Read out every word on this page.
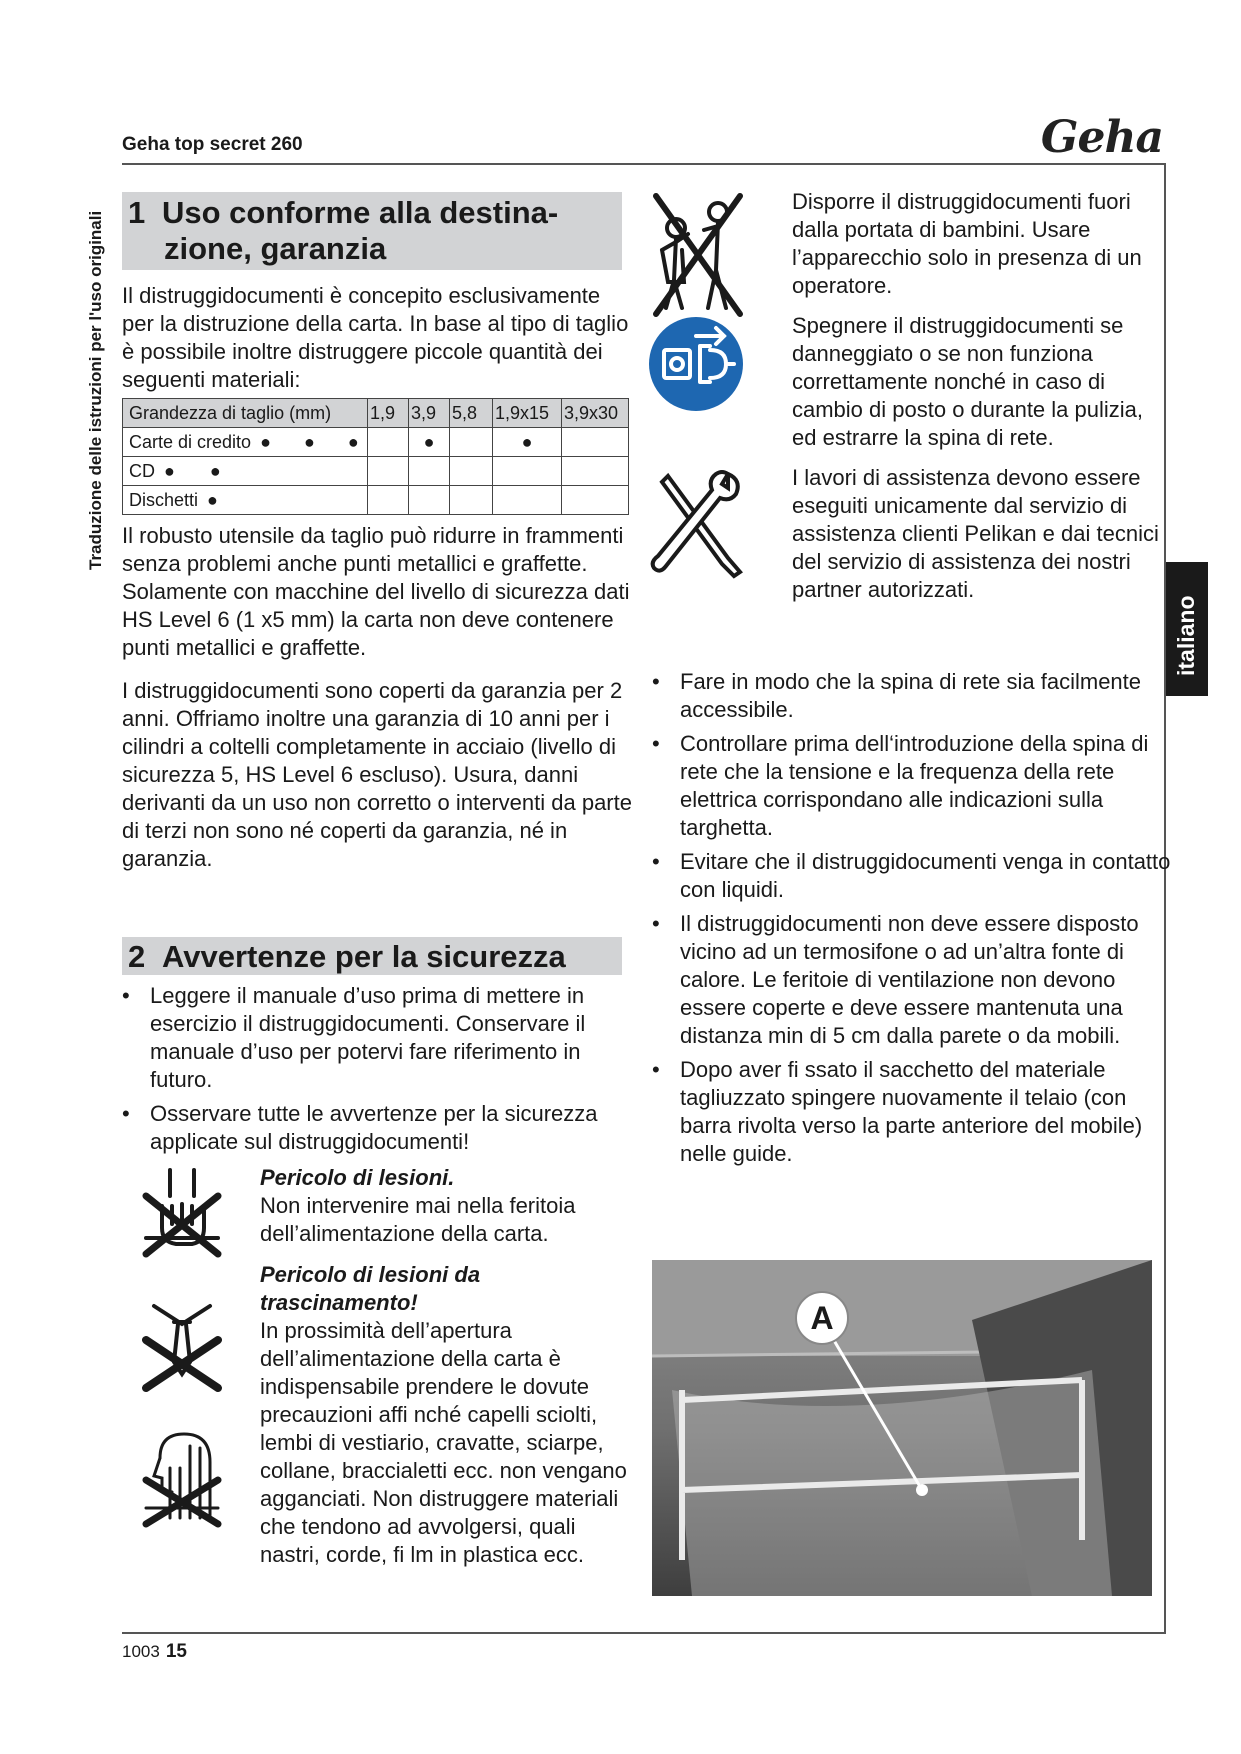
Geha top secret 260	Geha
Traduzione delle istruzioni per l'uso originali
italiano
1 Uso conforme alla destina-
zione, garanzia
Il distruggidocumenti è concepito esclusivamente per la distruzione della carta. In base al tipo di taglio è possibile inoltre distruggere piccole quantità dei seguenti materiali:
Grandezza di taglio (mm)	1,9	3,9	5,8	1,9x15	3,9x30
Carte di credito ● ● ●		●		●	
CD ● ●					
Dischetti ●					
Il robusto utensile da taglio può ridurre in frammenti senza problemi anche punti metallici e graffette. Solamente con macchine del livello di sicurezza dati HS Level 6 (1 x5 mm) la carta non deve contenere punti metallici e graffette.
I distruggidocumenti sono coperti da garanzia per 2 anni. Offriamo inoltre una garanzia di 10 anni per i cilindri a coltelli completamente in acciaio (livello di sicurezza 5, HS Level 6 escluso). Usura, danni derivanti da un uso non corretto o interventi da parte di terzi non sono né coperti da garanzia, né in garanzia.
2 Avvertenze per la sicurezza
• Leggere il manuale d’uso prima di mettere in esercizio il distruggidocumenti. Conservare il manuale d’uso per potervi fare riferimento in futuro.
• Osservare tutte le avvertenze per la sicurezza applicate sul distruggidocumenti!
Pericolo di lesioni.
Non intervenire mai nella feritoia dell’alimentazione della carta.
Pericolo di lesioni da trascinamento!
In prossimità dell’apertura dell’alimentazione della carta è indispensabile prendere le dovute precauzioni affi nché capelli sciolti, lembi di vestiario, cravatte, sciarpe, collane, braccialetti ecc. non vengano agganciati. Non distruggere materiali che tendono ad avvolgersi, quali nastri, corde, fi lm in plastica ecc.
Disporre il distruggidocumenti fuori dalla portata di bambini. Usare l’apparecchio solo in presenza di un operatore.
Spegnere il distruggidocumenti se danneggiato o se non funziona correttamente nonché in caso di cambio di posto o durante la pulizia, ed estrarre la spina di rete.
I lavori di assistenza devono essere eseguiti unicamente dal servizio di assistenza clienti Pelikan e dai tecnici del servizio di assistenza dei nostri partner autorizzati.
• Fare in modo che la spina di rete sia facilmente accessibile.
• Controllare prima dell‘introduzione della spina di rete che la tensione e la frequenza della rete elettrica corrispondano alle indicazioni sulla targhetta.
• Evitare che il distruggidocumenti venga in contatto con liquidi.
• Il distruggidocumenti non deve essere disposto vicino ad un termosifone o ad un’altra fonte di calore. Le feritoie di ventilazione non devono essere coperte e deve essere mantenuta una distanza min di 5 cm dalla parete o da mobili.
• Dopo aver fi ssato il sacchetto del materiale tagliuzzato spingere nuovamente il telaio (con barra rivolta verso la parte anteriore del mobile) nelle guide.
A
1003 15
